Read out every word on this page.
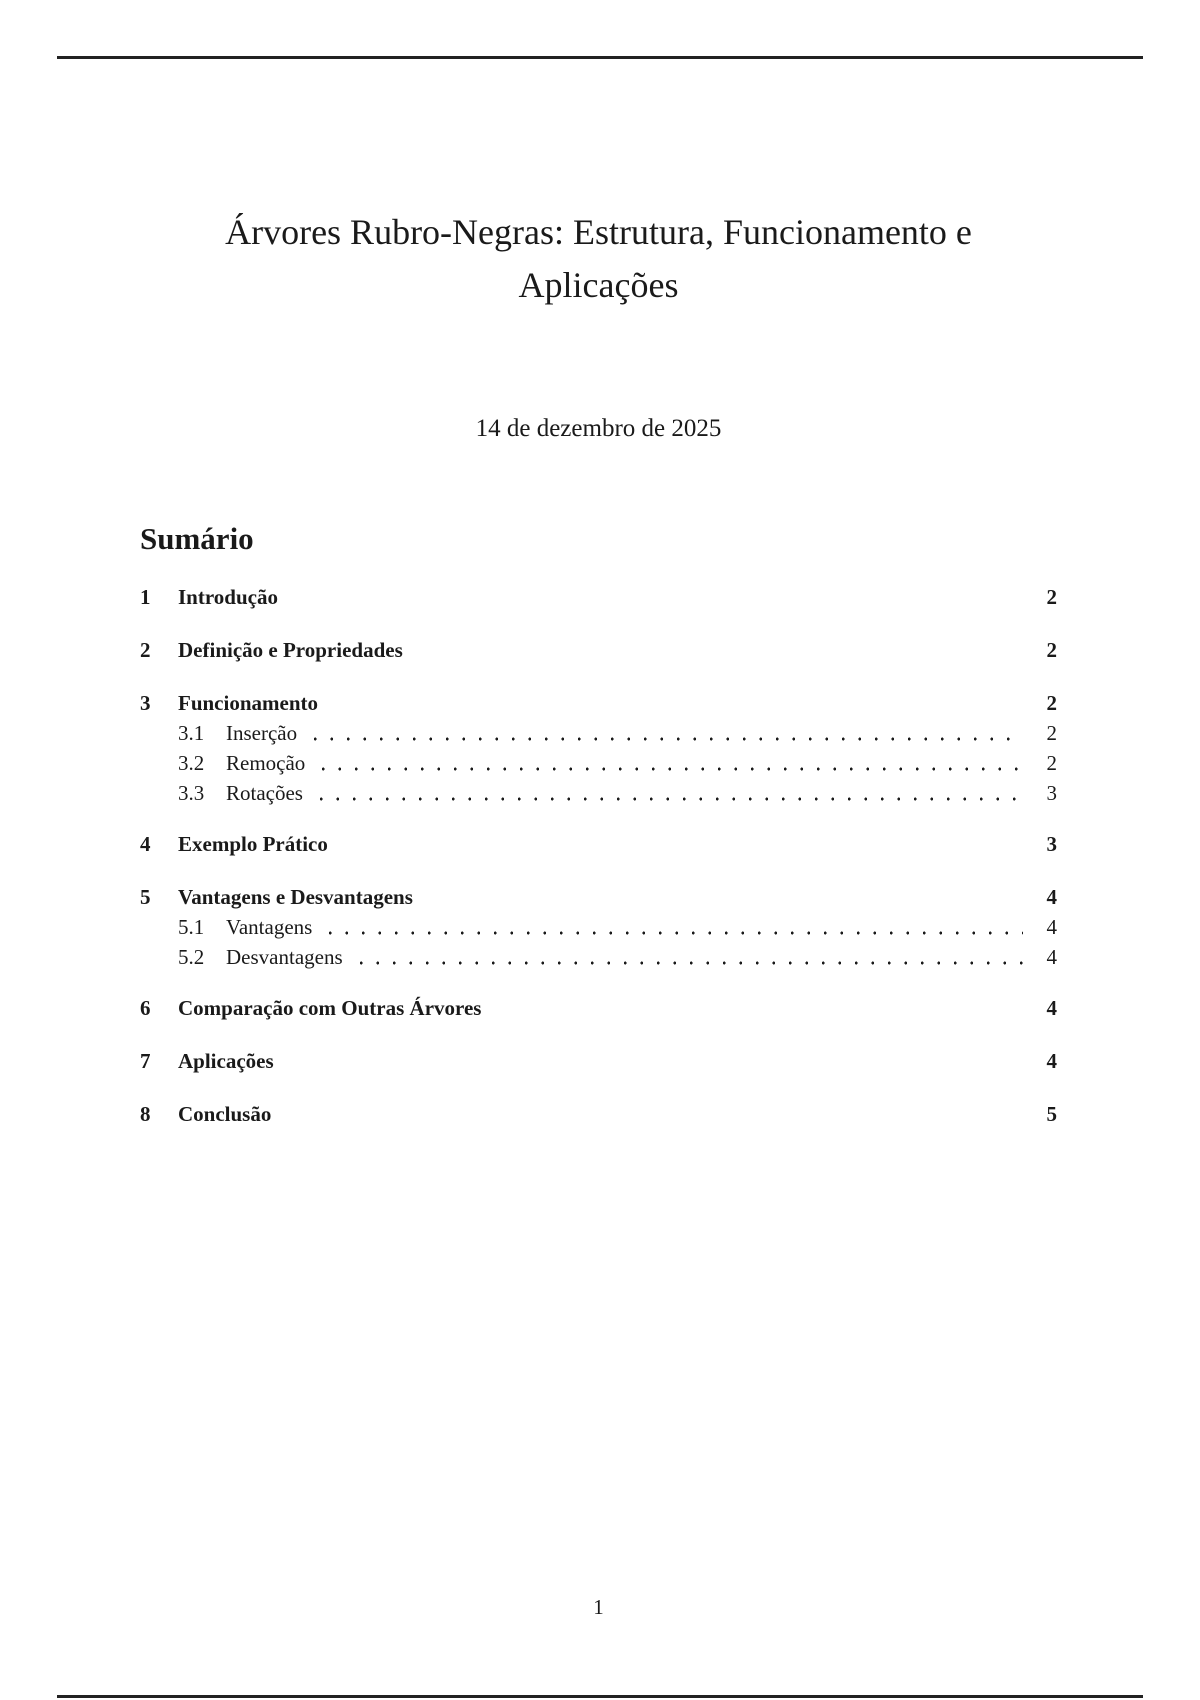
Árvores Rubro-Negras: Estrutura, Funcionamento e
Aplicações
14 de dezembro de 2025
Sumário
1	Introdução	2
2	Definição e Propriedades	2
3	Funcionamento	2
3.1	Inserção	2
3.2	Remoção	2
3.3	Rotações	3
4	Exemplo Prático	3
5	Vantagens e Desvantagens	4
5.1	Vantagens	4
5.2	Desvantagens	4
6	Comparação com Outras Árvores	4
7	Aplicações	4
8	Conclusão	5
1
